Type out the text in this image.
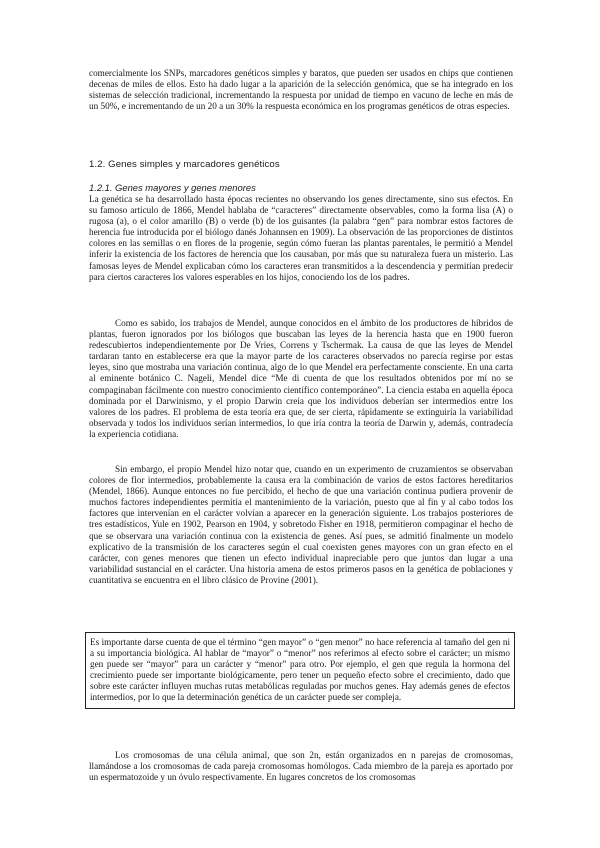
comercialmente los SNPs, marcadores genéticos simples y baratos, que pueden ser usados en chips que contienen decenas de miles de ellos. Esto ha dado lugar a la aparición de la selección genómica, que se ha integrado en los sistemas de selección tradicional, incrementando la respuesta por unidad de tiempo en vacuno de leche en más de un 50%, e incrementando de un 20 a un 30% la respuesta económica en los programas genéticos de otras especies.

1.2. Genes simples y marcadores genéticos
1.2.1. Genes mayores y genes menores

La genética se ha desarrollado hasta épocas recientes no observando los genes directamente, sino sus efectos. En su famoso artículo de 1866, Mendel hablaba de “caracteres” directamente observables, como la forma lisa (A) o rugosa (a), o el color amarillo (B) o verde (b) de los guisantes (la palabra “gen” para nombrar estos factores de herencia fue introducida por el biólogo danés Johannsen en 1909). La observación de las proporciones de distintos colores en las semillas o en flores de la progenie, según cómo fueran las plantas parentales, le permitió a Mendel inferir la existencia de los factores de herencia que los causaban, por más que su naturaleza fuera un misterio. Las famosas leyes de Mendel explicaban cómo los caracteres eran transmitidos a la descendencia y permitían predecir para ciertos caracteres los valores esperables en los hijos, conociendo los de los padres.

Como es sabido, los trabajos de Mendel, aunque conocidos en el ámbito de los productores de híbridos de plantas, fueron ignorados por los biólogos que buscaban las leyes de la herencia hasta que en 1900 fueron redescubiertos independientemente por De Vries, Correns y Tschermak. La causa de que las leyes de Mendel tardaran tanto en establecerse era que la mayor parte de los caracteres observados no parecía regirse por estas leyes, sino que mostraba una variación continua, algo de lo que Mendel era perfectamente consciente. En una carta al eminente botánico C. Nageli, Mendel dice “Me di cuenta de que los resultados obtenidos por mí no se compaginaban fácilmente con nuestro conocimiento científico contemporáneo”. La ciencia estaba en aquella época dominada por el Darwinismo, y el propio Darwin creía que los individuos deberían ser intermedios entre los valores de los padres. El problema de esta teoría era que, de ser cierta, rápidamente se extinguiría la variabilidad observada y todos los individuos serían intermedios, lo que iría contra la teoría de Darwin y, además, contradecía la experiencia cotidiana.

Sin embargo, el propio Mendel hizo notar que, cuando en un experimento de cruzamientos se observaban colores de flor intermedios, probablemente la causa era la combinación de varios de estos factores hereditarios (Mendel, 1866). Aunque entonces no fue percibido, el hecho de que una variación continua pudiera provenir de muchos factores independientes permitía el mantenimiento de la variación, puesto que al fin y al cabo todos los factores que intervenían en el carácter volvían a aparecer en la generación siguiente. Los trabajos posteriores de tres estadísticos, Yule en 1902, Pearson en 1904, y sobretodo Fisher en 1918, permitieron compaginar el hecho de que se observara una variación continua con la existencia de genes. Así pues, se admitió finalmente un modelo explicativo de la transmisión de los caracteres según el cual coexisten genes mayores con un gran efecto en el carácter, con genes menores que tienen un efecto individual inapreciable pero que juntos dan lugar a una variabilidad sustancial en el carácter. Una historia amena de estos primeros pasos en la genética de poblaciones y cuantitativa se encuentra en el libro clásico de Provine (2001).

Es importante darse cuenta de que el término “gen mayor” o “gen menor” no hace referencia al tamaño del gen ni a su importancia biológica. Al hablar de “mayor” o “menor” nos referimos al efecto sobre el carácter; un mismo gen puede ser “mayor” para un carácter y “menor” para otro. Por ejemplo, el gen que regula la hormona del crecimiento puede ser importante biológicamente, pero tener un pequeño efecto sobre el crecimiento, dado que sobre este carácter influyen muchas rutas metabólicas reguladas por muchos genes. Hay además genes de efectos intermedios, por lo que la determinación genética de un carácter puede ser compleja.

Los cromosomas de una célula animal, que son 2n, están organizados en n parejas de cromosomas, llamándose a los cromosomas de cada pareja cromosomas homólogos. Cada miembro de la pareja es aportado por un espermatozoide y un óvulo respectivamente. En lugares concretos de los cromosomas
